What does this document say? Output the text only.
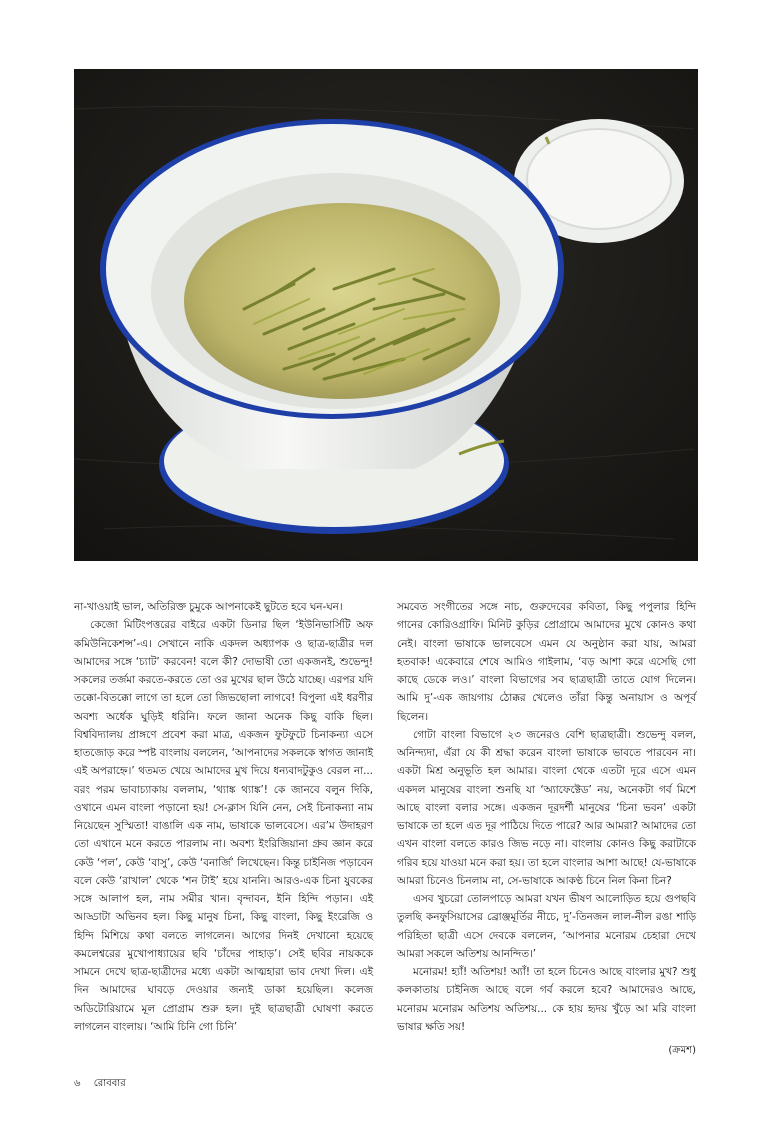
না-খাওয়াই ভাল, অতিরিক্ত চুমুকে আপনাকেই ছুটতে হবে ঘন-ঘন।

কেজো মিটিংপত্তরের বাইরে একটা ডিনার ছিল ‘ইউনিভার্সিটি অফ কমিউনিকেশন্স’-এ। সেখানে নাকি একদল অধ্যাপক ও ছাত্র-ছাত্রীর দল আমাদের সঙ্গে ‘চ্যাট’ করবেন! বলে কী? দোভাষী তো একজনই, শুভেন্দু! সকলের তর্জমা করতে-করতে তো ওর মুখের ছাল উঠে যাচ্ছে। এরপর যদি তক্কো-বিতক্কো লাগে তা হলে তো জিভছোলা লাগবে! বিপুলা এই ধরণীর অবশ্য অর্ধেক ঘুড়িই ধরিনি। ফলে জানা অনেক কিছু বাকি ছিল। বিশ্ববিদ্যালয় প্রাঙ্গণে প্রবেশ করা মাত্র, একজন ফুটফুটে চিনাকন্যা এসে হাতজোড় করে স্পষ্ট বাংলায় বললেন, ‘আপনাদের সকলকে স্বাগত জানাই এই অপরাহ্নে।’ থতমত খেয়ে আমাদের মুখ দিয়ে ধন্যবাদটুকুও বেরল না... বরং পরম ভাবাচ্যাকায় বললাম, ‘থ্যাঙ্ক থ্যাঙ্ক’! কে জানবে বলুন দিকি, ওখানে এমন বাংলা পড়ানো হয়! সে-ক্লাস যিনি নেন, সেই চিনাকন্যা নাম নিয়েছেন সুস্মিতা! বাঙালি এক নাম, ভাষাকে ভালবেসে। এর’ম উদাহরণ তো এখানে মনে করতে পারলাম না। অবশ্য ইংরিজিয়ানা গ্রুব জ্ঞান করে কেউ ‘পল’, কেউ ‘বাসু’, কেউ ‘বনার্জি’ লিখেছেন। কিন্তু চাইনিজ পড়াবেন বলে কেউ ‘রাখাল’ থেকে ‘শন টাই’ হয়ে যাননি। আরও-এক চিনা যুবকের সঙ্গে আলাপ হল, নাম সমীর খান। বৃন্দাবন, ইনি হিন্দি পড়ান। এই আড্ডাটা অভিনব হল। কিছু মানুষ চিনা, কিছু বাংলা, কিছু ইংরেজি ও হিন্দি মিশিয়ে কথা বলতে লাগলেন। আগের দিনই দেখানো হয়েছে কমলেশ্বরের মুখোপাধ্যায়ের ছবি ‘চাঁদের পাহাড়’। সেই ছবির নায়ককে সামনে দেখে ছাত্র-ছাত্রীদের মধ্যে একটা আত্মহারা ভাব দেখা দিল। এই দিন আমাদের ঘাবড়ে দেওয়ার জন্যই ডাকা হয়েছিল। কলেজ অডিটোরিয়ামে মূল প্রোগ্রাম শুরু হল। দুই ছাত্রছাত্রী ঘোষণা করতে লাগলেন বাংলায়। ‘আমি চিনি গো চিনি’

সমবেত সংগীতের সঙ্গে নাচ, গুরুদেবের কবিতা, কিছু পপুলার হিন্দি গানের কোরিওগ্রাফি। মিনিট কুড়ির প্রোগ্রামে আমাদের মুখে কোনও কথা নেই। বাংলা ভাষাকে ভালবেসে এমন যে অনুষ্ঠান করা যায়, আমরা হতবাক! একেবারে শেষে আমিও গাইলাম, ‘বড় আশা করে এসেছি গো কাছে ডেকে লও।’ বাংলা বিভাগের সব ছাত্রছাত্রী তাতে যোগ দিলেন। আমি দু’-এক জায়গায় ঠোক্কর খেলেও তাঁরা কিন্তু অনায়াস ও অপূর্ব ছিলেন।

গোটা বাংলা বিভাগে ২৩ জনেরও বেশি ছাত্রছাত্রী। শুভেন্দু বলল, অনিন্দ্যদা, এঁরা যে কী শ্রদ্ধা করেন বাংলা ভাষাকে ভাবতে পারবেন না। একটা মিশ্র অনুভূতি হল আমার। বাংলা থেকে এতটা দূরে এসে এমন একদল মানুষের বাংলা শুনছি যা ‘অ্যাফেক্টেড’ নয়, অনেকটা গর্ব মিশে আছে বাংলা বলার সঙ্গে। একজন দূরদর্শী মানুষের ‘চিনা ভবন’ একটা ভাষাকে তা হলে এত দূর পাঠিয়ে দিতে পারে? আর আমরা? আমাদের তো এখন বাংলা বলতে কারও জিভ নড়ে না। বাংলায় কোনও কিছু করাটাকে গরিব হয়ে যাওয়া মনে করা হয়। তা হলে বাংলার আশা আছে! যে-ভাষাকে আমরা চিনেও চিনলাম না, সে-ভাষাকে আকণ্ঠ চিনে নিল কিনা চিন?

এসব খুচরো তোলপাড়ে আমরা যখন ভীষণ আলোড়িত হয়ে গুপছবি তুলছি কনফুসিয়াসের ব্রোঞ্জমূর্তির নীচে, দু’-তিনজন লাল-নীল রঙা শাড়ি পরিহিতা ছাত্রী এসে দেবকে বললেন, ‘আপনার মনোরম চেহারা দেখে আমরা সকলে অতিশয় আনন্দিত।’

মনোরম! হ্যাঁ! অতিশয়! অ্যাঁ! তা হলে চিনেও আছে বাংলার মুখ? শুধু কলকাতায় চাইনিজ আছে বলে গর্ব করলে হবে? আমাদেরও আছে, মনোরম মনোরম অতিশয় অতিশয়... কে হায় হৃদয় খুঁড়ে আ মরি বাংলা ভাষার ক্ষতি সয়!

(ক্রমশ)
৬ রোববার
